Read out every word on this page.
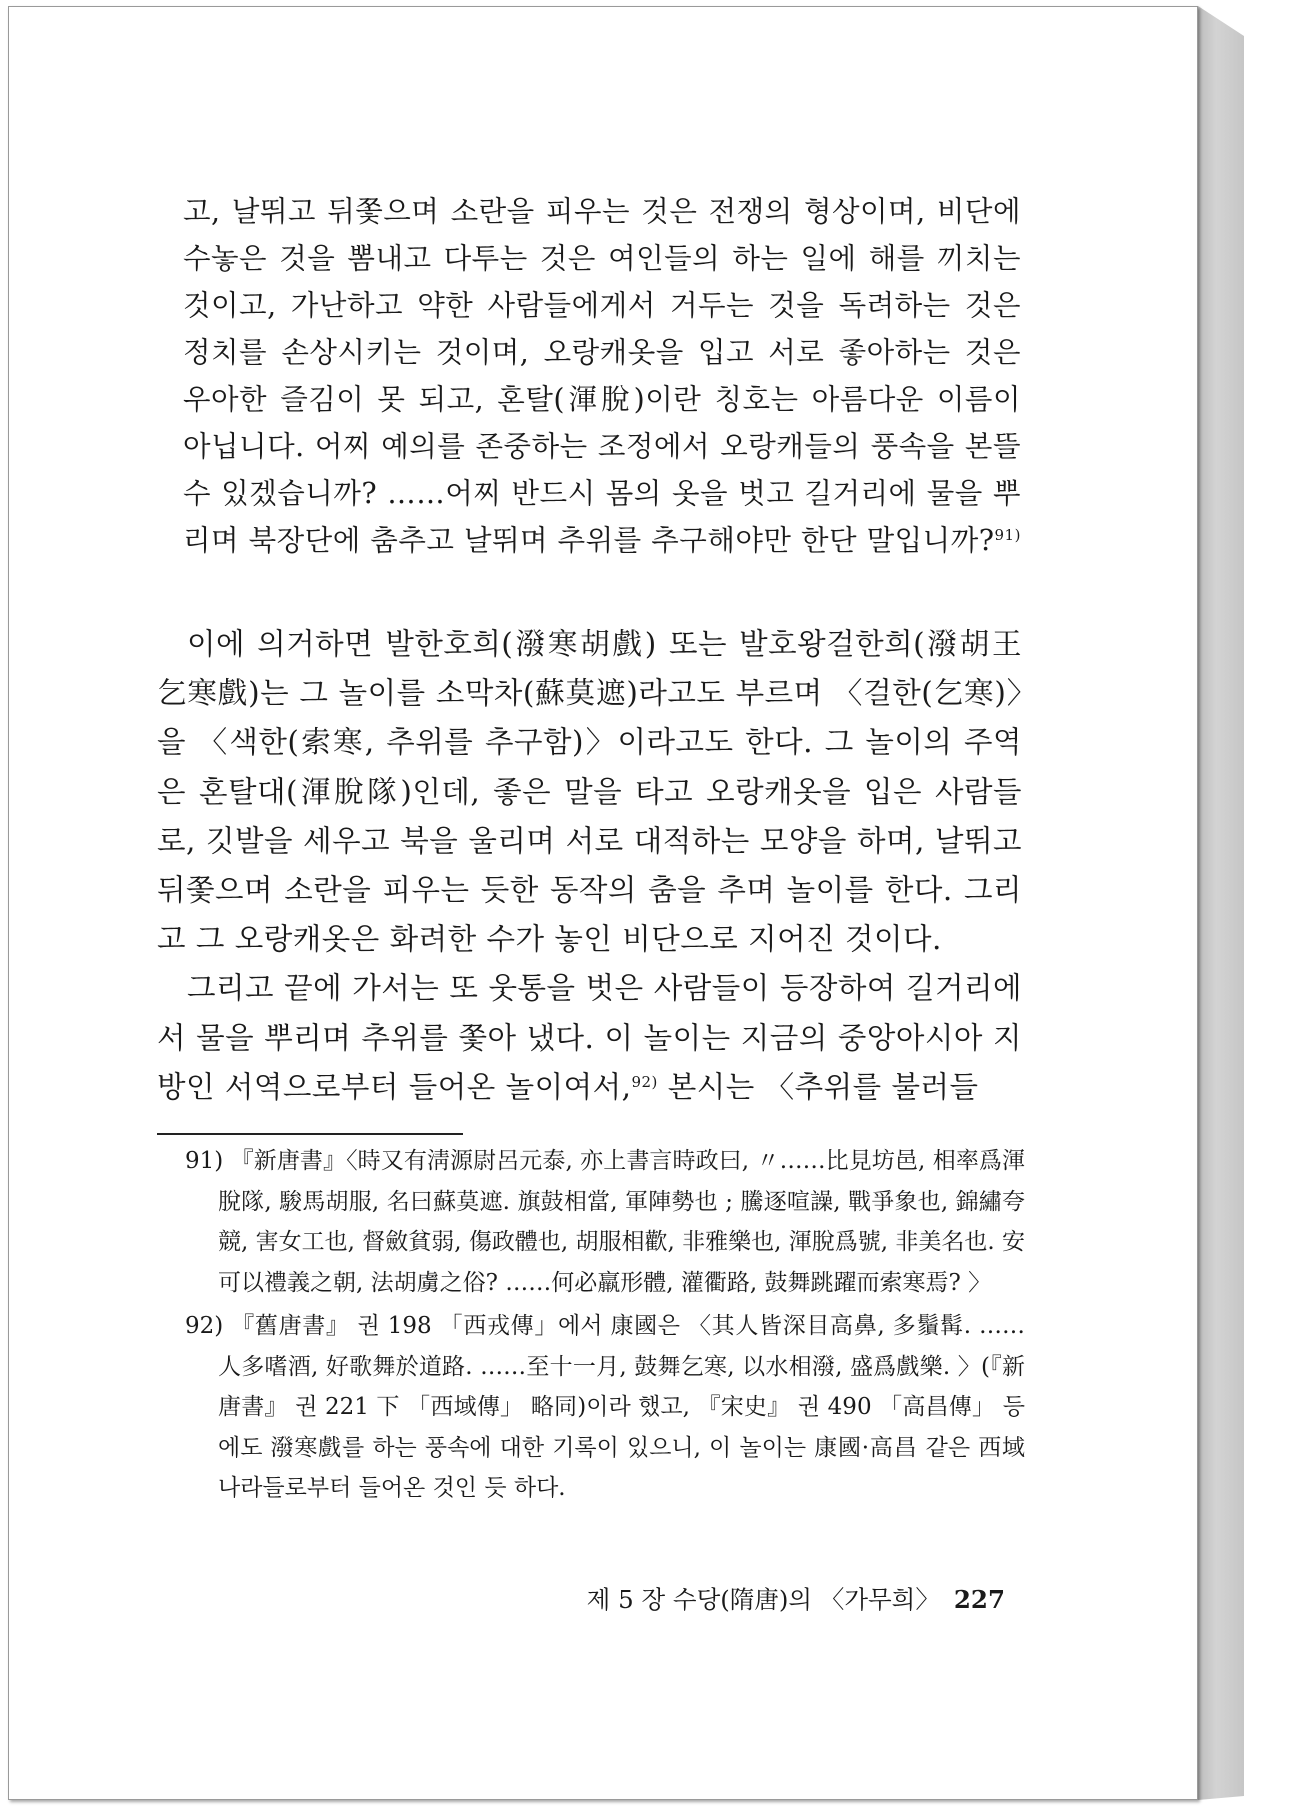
고, 날뛰고 뒤쫓으며 소란을 피우는 것은 전쟁의 형상이며, 비단에 수놓은 것을 뽐내고 다투는 것은 여인들의 하는 일에 해를 끼치는 것이고, 가난하고 약한 사람들에게서 거두는 것을 독려하는 것은 정치를 손상시키는 것이며, 오랑캐옷을 입고 서로 좋아하는 것은 우아한 즐김이 못 되고, 혼탈(渾脫)이란 칭호는 아름다운 이름이 아닙니다. 어찌 예의를 존중하는 조정에서 오랑캐들의 풍속을 본뜰 수 있겠습니까? ……어찌 반드시 몸의 옷을 벗고 길거리에 물을 뿌리며 북장단에 춤추고 날뛰며 추위를 추구해야만 한단 말입니까?$^{91)}$

이에 의거하면 발한호희(潑寒胡戲) 또는 발호왕걸한희(潑胡王乞寒戲)는 그 놀이를 소막차(蘇莫遮)라고도 부르며 〈걸한(乞寒)〉을 〈색한(索寒, 추위를 추구함)〉이라고도 한다. 그 놀이의 주역은 혼탈대(渾脫隊)인데, 좋은 말을 타고 오랑캐옷을 입은 사람들로, 깃발을 세우고 북을 울리며 서로 대적하는 모양을 하며, 날뛰고 뒤쫓으며 소란을 피우는 듯한 동작의 춤을 추며 놀이를 한다. 그리고 그 오랑캐옷은 화려한 수가 놓인 비단으로 지어진 것이다.

그리고 끝에 가서는 또 웃통을 벗은 사람들이 등장하여 길거리에서 물을 뿌리며 추위를 쫓아 냈다. 이 놀이는 지금의 중앙아시아 지방인 서역으로부터 들어온 놀이여서,$^{92)}$ 본시는 〈추위를 불러들

91) 『新唐書』〈時又有淸源尉呂元泰, 亦上書言時政曰, 〃……比見坊邑, 相率爲渾脫隊, 駿馬胡服, 名曰蘇莫遮. 旗鼓相當, 軍陣勢也 ; 騰逐喧譟, 戰爭象也, 錦繡夸競, 害女工也, 督斂貧弱, 傷政體也, 胡服相歡, 非雅樂也, 渾脫爲號, 非美名也. 安可以禮義之朝, 法胡虜之俗? ……何必羸形體, 灌衢路, 鼓舞跳躍而索寒焉? 〉

92) 『舊唐書』 권 198 「西戎傳」에서 康國은 〈其人皆深目高鼻, 多鬚髯. ……人多嗜酒, 好歌舞於道路. ……至十一月, 鼓舞乞寒, 以水相潑, 盛爲戲樂. 〉(『新唐書』 권 221 下 「西域傳」 略同)이라 했고, 『宋史』 권 490 「高昌傳」 등에도 潑寒戲를 하는 풍속에 대한 기록이 있으니, 이 놀이는 康國·高昌 같은 西域 나라들로부터 들어온 것인 듯 하다.

제 5 장 수당(隋唐)의 〈가무희〉 227
